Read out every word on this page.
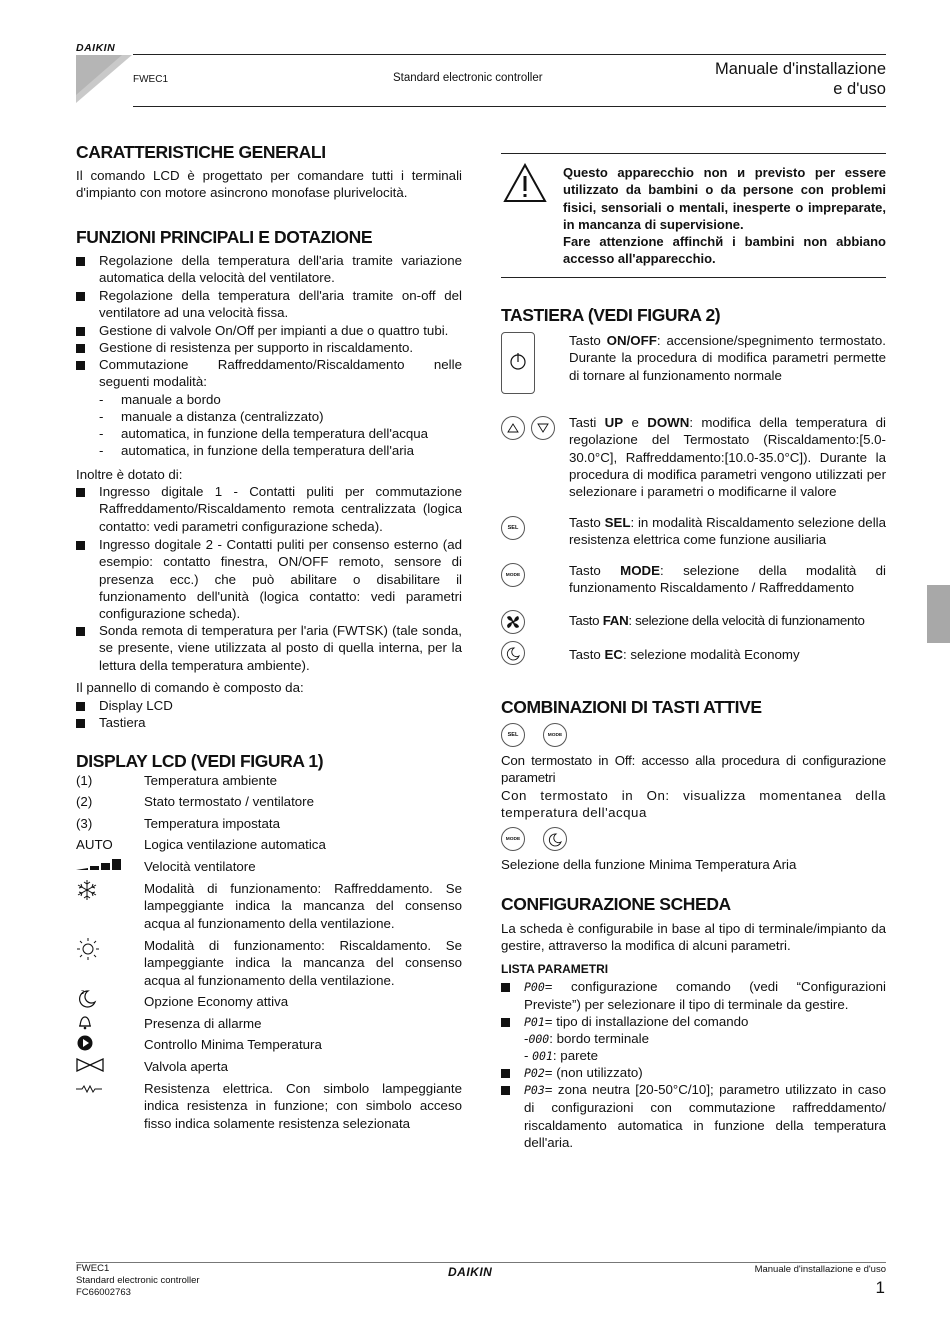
DAIKIN
FWEC1	Standard electronic controller	Manuale d'installazione
e d'uso
CARATTERISTICHE GENERALI
Il comando LCD è progettato per comandare tutti i terminali d'impianto con motore asincrono monofase plurivelocità.
FUNZIONI PRINCIPALI E DOTAZIONE
Regolazione della temperatura dell'aria tramite variazione automatica della velocità del ventilatore.
Regolazione della temperatura dell'aria tramite on-off del ventilatore ad una velocità fissa.
Gestione di valvole On/Off per impianti a due o quattro tubi.
Gestione di resistenza per supporto in riscaldamento.
Commutazione Raffreddamento/Riscaldamento nelle seguenti modalità:
- manuale a bordo
- manuale a distanza (centralizzato)
- automatica, in funzione della temperatura dell'acqua
- automatica, in funzione della temperatura dell'aria
Inoltre è dotato di:
Ingresso digitale 1 - Contatti puliti per commutazione Raffreddamento/Riscaldamento remota centralizzata (logica contatto: vedi parametri configurazione scheda).
Ingresso dogitale 2 - Contatti puliti per consenso esterno (ad esempio: contatto finestra, ON/OFF remoto, sensore di presenza ecc.) che può abilitare o disabilitare il funzionamento dell'unità (logica contatto: vedi parametri configurazione scheda).
Sonda remota di temperatura per l'aria (FWTSK) (tale sonda, se presente, viene utilizzata al posto di quella interna, per la lettura della temperatura ambiente).
Il pannello di comando è composto da:
Display LCD
Tastiera
DISPLAY LCD (VEDI FIGURA 1)
(1)	Temperatura ambiente
(2)	Stato termostato / ventilatore
(3)	Temperatura impostata
AUTO Logica ventilazione automatica
Velocità ventilatore
Modalità di funzionamento: Raffreddamento. Se lampeggiante indica la mancanza del consenso acqua al funzionamento della ventilazione.
Modalità di funzionamento: Riscaldamento. Se lampeggiante indica la mancanza del consenso acqua al funzionamento della ventilazione.
z
Opzione Economy attiva
Presenza di allarme
Controllo Minima Temperatura
Valvola aperta
Resistenza elettrica. Con simbolo lampeggiante indica resistenza in funzione; con simbolo acceso fisso indica solamente resistenza selezionata
Questo apparecchio non и previsto per essere utilizzato da bambini o da persone con problemi fisici, sensoriali o mentali, inesperte o impreparate, in mancanza di supervisione.
Fare attenzione affinchй i bambini non abbiano accesso all'apparecchio.
TASTIERA (VEDI FIGURA 2)
Tasto ON/OFF: accensione/spegnimento termostato. Durante la procedura di modifica parametri permette di tornare al funzionamento normale
Tasti UP e DOWN: modifica della temperatura di regolazione del Termostato (Riscaldamento:[5.0-30.0°C], Raffreddamento:[10.0-35.0°C]). Durante la procedura di modifica parametri vengono utilizzati per selezionare i parametri o modificarne il valore
SEL	Tasto SEL: in modalità Riscaldamento selezione della resistenza elettrica come funzione ausiliaria
MODE	Tasto MODE: selezione della modalità di funzionamento Riscaldamento / Raffreddamento
Tasto FAN: selezione della velocità di funzionamento
Tasto EC: selezione modalità Economy
COMBINAZIONI DI TASTI ATTIVE
SEL	MODE
Con termostato in Off: accesso alla procedura di configurazione parametri
Con termostato in On: visualizza momentanea della temperatura dell'acqua
MODE
Selezione della funzione Minima Temperatura Aria
CONFIGURAZIONE SCHEDA
La scheda è configurabile in base al tipo di terminale/impianto da gestire, attraverso la modifica di alcuni parametri.
LISTA PARAMETRI
P00= configurazione comando (vedi “Configurazioni Previste”) per selezionare il tipo di terminale da gestire.
P01= tipo di installazione del comando
-000: bordo terminale
- 001: parete
P02= (non utilizzato)
P03= zona neutra [20-50°C/10]; parametro utilizzato in caso di configurazioni con commutazione raffreddamento/ riscaldamento automatica in funzione della temperatura dell'aria.
FWEC1
Standard electronic controller
FC66002763
DAIKIN	Manuale d'installazione e d'uso
1
